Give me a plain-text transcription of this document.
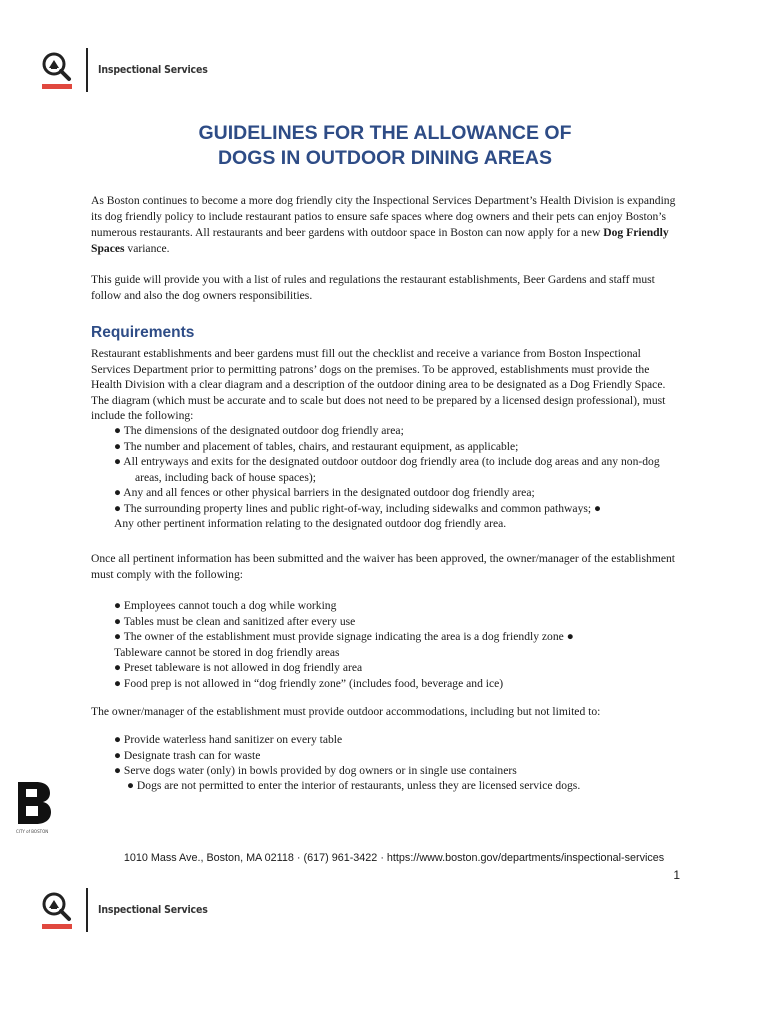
Inspectional Services
GUIDELINES FOR THE ALLOWANCE OF
DOGS IN OUTDOOR DINING AREAS

As Boston continues to become a more dog friendly city the Inspectional Services Department’s Health Division is expanding its dog friendly policy to include restaurant patios to ensure safe spaces where dog owners and their pets can enjoy Boston’s numerous restaurants. All restaurants and beer gardens with outdoor space in Boston can now apply for a new Dog Friendly Spaces variance.

This guide will provide you with a list of rules and regulations the restaurant establishments, Beer Gardens and staff must follow and also the dog owners responsibilities.

Requirements

Restaurant establishments and beer gardens must fill out the checklist and receive a variance from Boston Inspectional Services Department prior to permitting patrons’ dogs on the premises. To be approved, establishments must provide the Health Division with a clear diagram and a description of the outdoor dining area to be designated as a Dog Friendly Space. The diagram (which must be accurate and to scale but does not need to be prepared by a licensed design professional), must include the following:

● The dimensions of the designated outdoor dog friendly area;
● The number and placement of tables, chairs, and restaurant equipment, as applicable;
● All entryways and exits for the designated outdoor outdoor dog friendly area (to include dog areas and any non-dog areas, including back of house spaces);
● Any and all fences or other physical barriers in the designated outdoor dog friendly area;
● The surrounding property lines and public right-of-way, including sidewalks and common pathways; ●
Any other pertinent information relating to the designated outdoor dog friendly area.

Once all pertinent information has been submitted and the waiver has been approved, the owner/manager of the establishment must comply with the following:

● Employees cannot touch a dog while working
● Tables must be clean and sanitized after every use
● The owner of the establishment must provide signage indicating the area is a dog friendly zone ●
Tableware cannot be stored in dog friendly areas
● Preset tableware is not allowed in dog friendly area
● Food prep is not allowed in “dog friendly zone” (includes food, beverage and ice)

The owner/manager of the establishment must provide outdoor accommodations, including but not limited to:

● Provide waterless hand sanitizer on every table
● Designate trash can for waste
● Serve dogs water (only) in bowls provided by dog owners or in single use containers
● Dogs are not permitted to enter the interior of restaurants, unless they are licensed service dogs.
CITY of BOSTON
1010 Mass Ave., Boston, MA 02118 · (617) 961-3422 · https://www.boston.gov/departments/inspectional-services
1
Inspectional Services
